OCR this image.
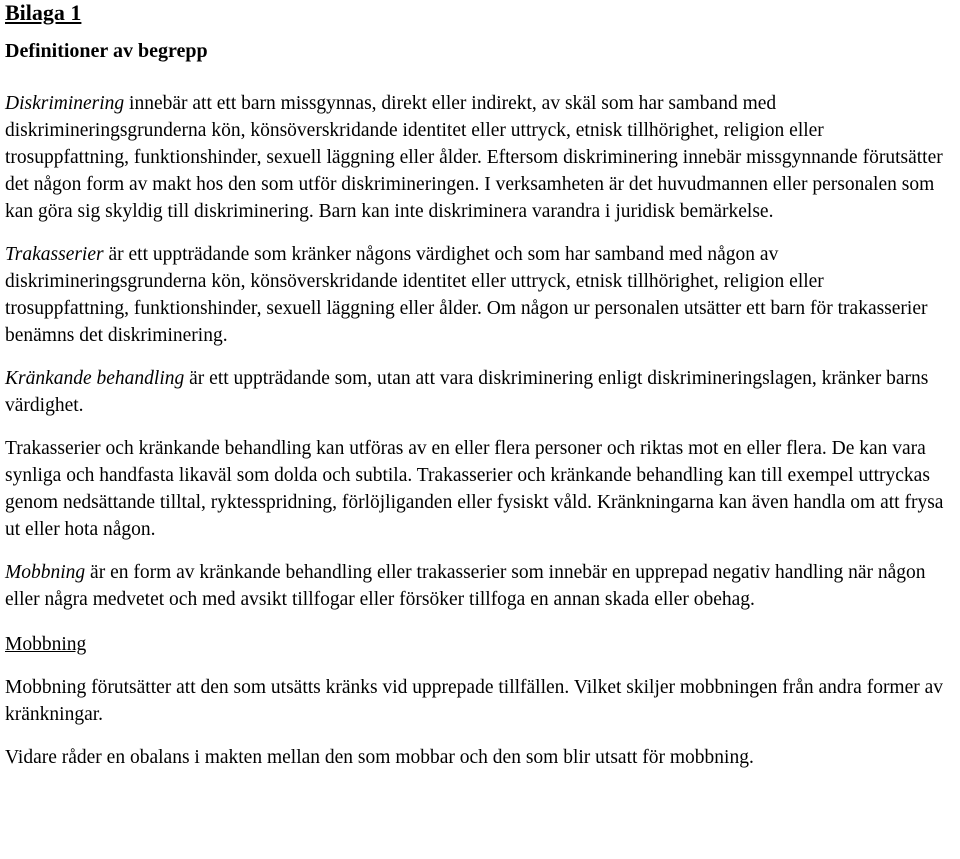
Bilaga 1
Definitioner av begrepp

Diskriminering innebär att ett barn missgynnas, direkt eller indirekt, av skäl som har samband med diskrimineringsgrunderna kön, könsöverskridande identitet eller uttryck, etnisk tillhörighet, religion eller trosuppfattning, funktionshinder, sexuell läggning eller ålder. Eftersom diskriminering innebär missgynnande förutsätter det någon form av makt hos den som utför diskrimineringen. I verksamheten är det huvudmannen eller personalen som kan göra sig skyldig till diskriminering. Barn kan inte diskriminera varandra i juridisk bemärkelse.

Trakasserier är ett uppträdande som kränker någons värdighet och som har samband med någon av diskrimineringsgrunderna kön, könsöverskridande identitet eller uttryck, etnisk tillhörighet, religion eller trosuppfattning, funktionshinder, sexuell läggning eller ålder. Om någon ur personalen utsätter ett barn för trakasserier benämns det diskriminering.

Kränkande behandling är ett uppträdande som, utan att vara diskriminering enligt diskrimineringslagen, kränker barns värdighet.

Trakasserier och kränkande behandling kan utföras av en eller flera personer och riktas mot en eller flera. De kan vara synliga och handfasta likaväl som dolda och subtila. Trakasserier och kränkande behandling kan till exempel uttryckas genom nedsättande tilltal, ryktesspridning, förlöjliganden eller fysiskt våld. Kränkningarna kan även handla om att frysa ut eller hota någon.

Mobbning är en form av kränkande behandling eller trakasserier som innebär en upprepad negativ handling när någon eller några medvetet och med avsikt tillfogar eller försöker tillfoga en annan skada eller obehag.

Mobbning

Mobbning förutsätter att den som utsätts kränks vid upprepade tillfällen. Vilket skiljer mobbningen från andra former av kränkningar.

Vidare råder en obalans i makten mellan den som mobbar och den som blir utsatt för mobbning.
